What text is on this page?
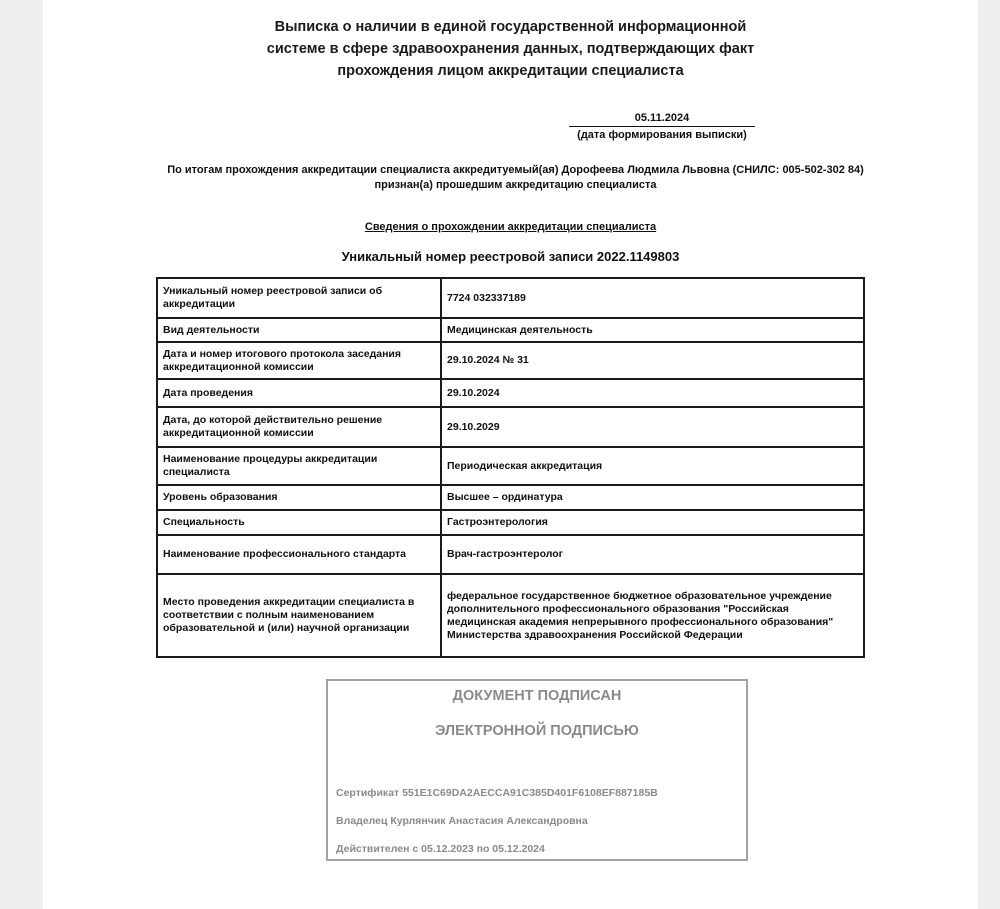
Выписка о наличии в единой государственной информационной
системе в сфере здравоохранения данных, подтверждающих факт
прохождения лицом аккредитации специалиста
05.11.2024
(дата формирования выписки)
По итогам прохождения аккредитации специалиста аккредитуемый(ая) Дорофеева Людмила Львовна (СНИЛС: 005-502-302 84) признан(а) прошедшим аккредитацию специалиста
Сведения о прохождении аккредитации специалиста
Уникальный номер реестровой записи 2022.1149803
Уникальный номер реестровой записи об аккредитации	7724 032337189
Вид деятельности	Медицинская деятельность
Дата и номер итогового протокола заседания аккредитационной комиссии	29.10.2024 № 31
Дата проведения	29.10.2024
Дата, до которой действительно решение аккредитационной комиссии	29.10.2029
Наименование процедуры аккредитации специалиста	Периодическая аккредитация
Уровень образования	Высшее – ординатура
Специальность	Гастроэнтерология
Наименование профессионального стандарта	Врач-гастроэнтеролог
Место проведения аккредитации специалиста в соответствии с полным наименованием образовательной и (или) научной организации	федеральное государственное бюджетное образовательное учреждение дополнительного профессионального образования "Российская медицинская академия непрерывного профессионального образования" Министерства здравоохранения Российской Федерации
ДОКУМЕНТ ПОДПИСАН
ЭЛЕКТРОННОЙ ПОДПИСЬЮ
Сертификат 551E1C69DA2AECCA91C385D401F6108EF887185B
Владелец Курлянчик Анастасия Александровна
Действителен с 05.12.2023 по 05.12.2024
